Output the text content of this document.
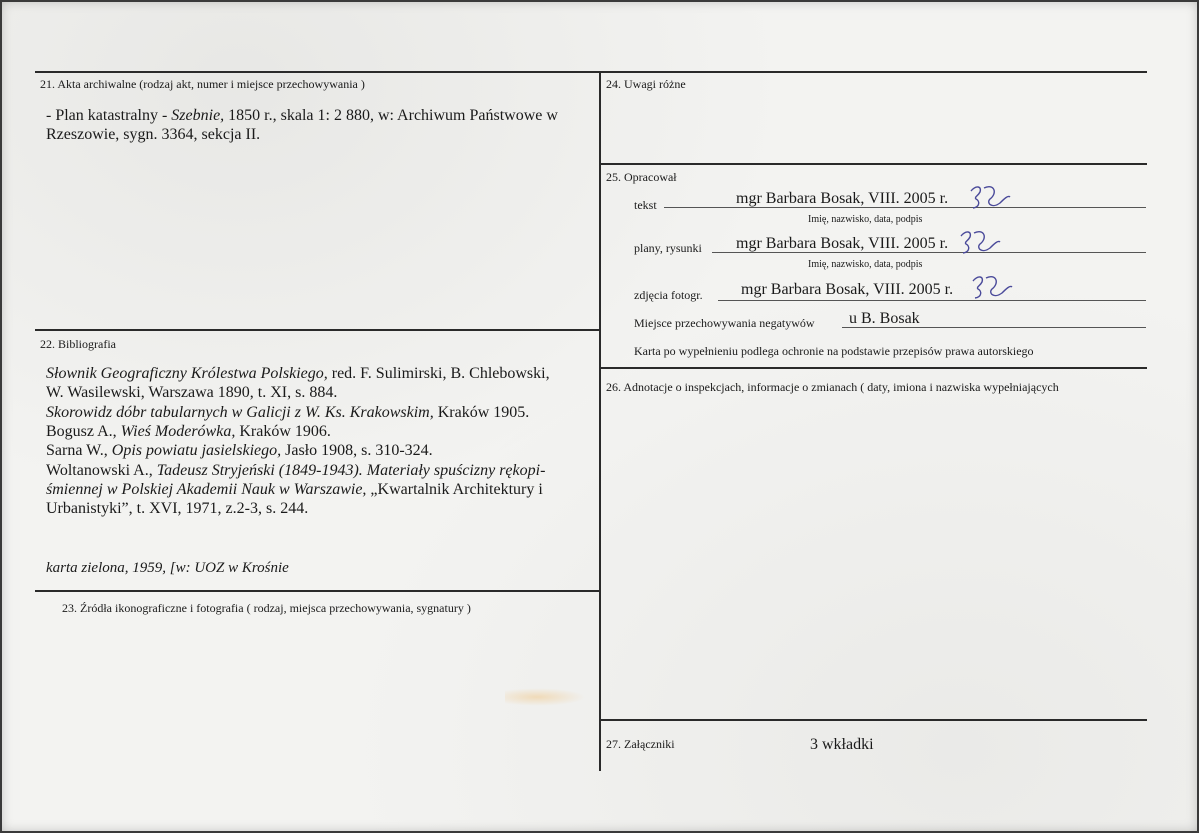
21. Akta archiwalne (rodzaj akt, numer i miejsce przechowywania )
- Plan katastralny - Szebnie, 1850 r., skala 1: 2 880, w: Archiwum Państwowe w
Rzeszowie, sygn. 3364, sekcja II.
22. Bibliografia
Słownik Geograficzny Królestwa Polskiego, red. F. Sulimirski, B. Chlebowski,
W. Wasilewski, Warszawa 1890, t. XI, s. 884.
Skorowidz dóbr tabularnych w Galicji z W. Ks. Krakowskim, Kraków 1905.
Bogusz A., Wieś Moderówka, Kraków 1906.
Sarna W., Opis powiatu jasielskiego, Jasło 1908, s. 310-324.
Woltanowski A., Tadeusz Stryjeński (1849-1943). Materiały spuścizny rękopi-
śmiennej w Polskiej Akademii Nauk w Warszawie, „Kwartalnik Architektury i
Urbanistyki”, t. XVI, 1971, z.2-3, s. 244.
karta zielona, 1959, [w: UOZ w Krośnie
23. Źródła ikonograficzne i fotografia ( rodzaj, miejsca przechowywania, sygnatury )
24. Uwagi różne
25. Opracował
tekst	mgr Barbara Bosak, VIII. 2005 r.
Imię, nazwisko, data, podpis
plany, rysunki mgr Barbara Bosak, VIII. 2005 r.
Imię, nazwisko, data, podpis
zdjęcia fotogr. mgr Barbara Bosak, VIII. 2005 r.
Miejsce przechowywania negatywów u B. Bosak
Karta po wypełnieniu podlega ochronie na podstawie przepisów prawa autorskiego
26. Adnotacje o inspekcjach, informacje o zmianach ( daty, imiona i nazwiska wypełniających
27. Załączniki	3 wkładki
